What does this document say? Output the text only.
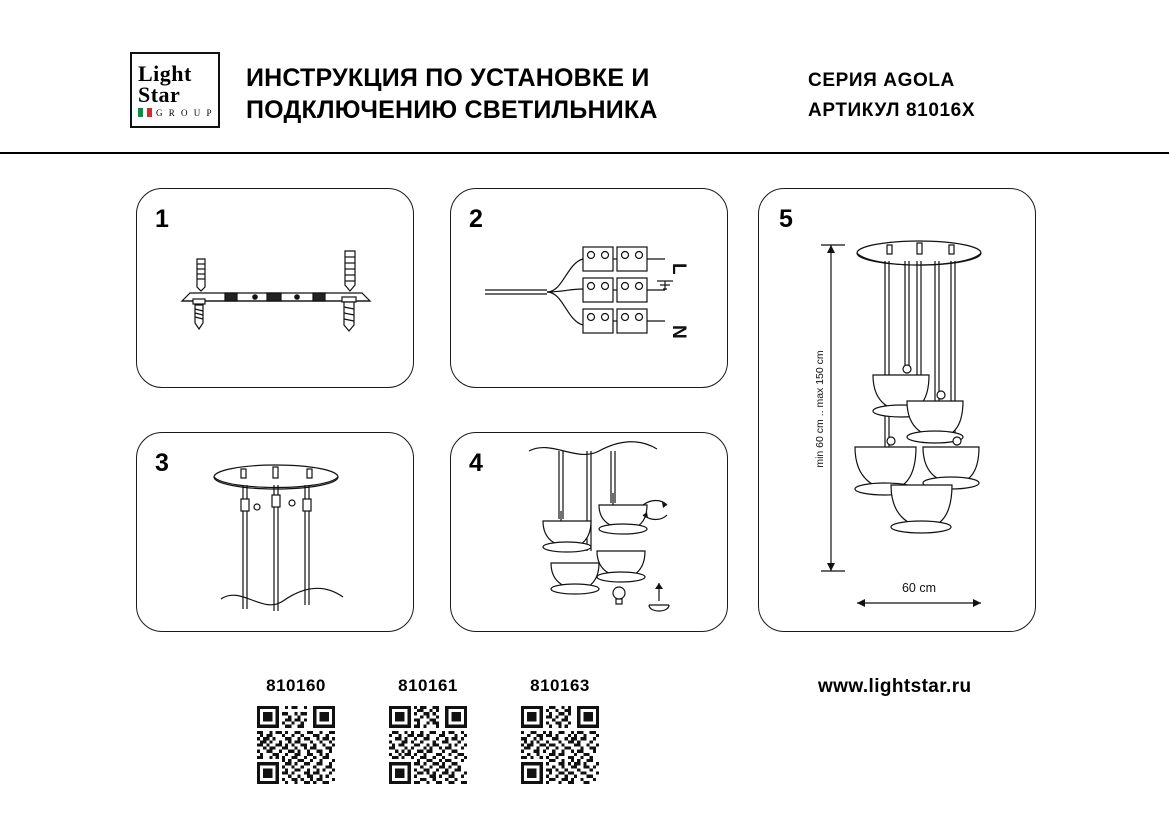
Light
Star
G R O U P
ИНСТРУКЦИЯ ПО УСТАНОВКЕ И ПОДКЛЮЧЕНИЮ СВЕТИЛЬНИКА
СЕРИЯ AGOLA
АРТИКУЛ 81016X
1	2
L
N
3	4
5
min 60 cm .. max 150 cm
60 cm
810160	810161	810163	www.lightstar.ru
